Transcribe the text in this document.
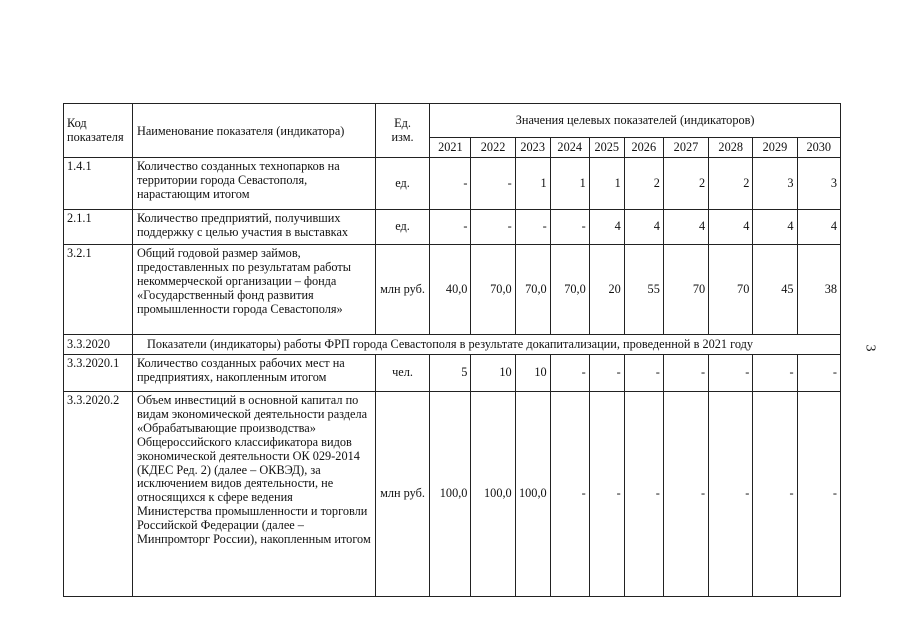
Код показателя	Наименование показателя (индикатора)	Ед. изм.	Значения целевых показателей (индикаторов)									
			2021	2022	2023	2024	2025	2026	2027	2028	2029	2030
1.4.1	Количество созданных технопарков на территории города Севастополя, нарастающим итогом	ед.	-	-	1	1	1	2	2	2	3	3
2.1.1	Количество предприятий, получивших поддержку с целью участия в выставках	ед.	-	-	-	-	4	4	4	4	4	4
3.2.1	Общий годовой размер займов, предоставленных по результатам работы некоммерческой организации – фонда «Государственный фонд развития промышленности города Севастополя»	млн руб.	40,0	70,0	70,0	70,0	20	55	70	70	45	38
3.3.2020	Показатели (индикаторы) работы ФРП города Севастополя в результате докапитализации, проведенной в 2021 году											
3.3.2020.1	Количество созданных рабочих мест на предприятиях, накопленным итогом	чел.	5	10	10	-	-	-	-	-	-	-
3.3.2020.2	Объем инвестиций в основной капитал по видам экономической деятельности раздела «Обрабатывающие производства» Общероссийского классификатора видов экономической деятельности ОК 029-2014 (КДЕС Ред. 2) (далее – ОКВЭД), за исключением видов деятельности, не относящихся к сфере ведения Министерства промышленности и торговли Российской Федерации (далее – Минпромторг России), накопленным итогом	млн руб.	100,0	100,0	100,0	-	-	-	-	-	-	-
3
